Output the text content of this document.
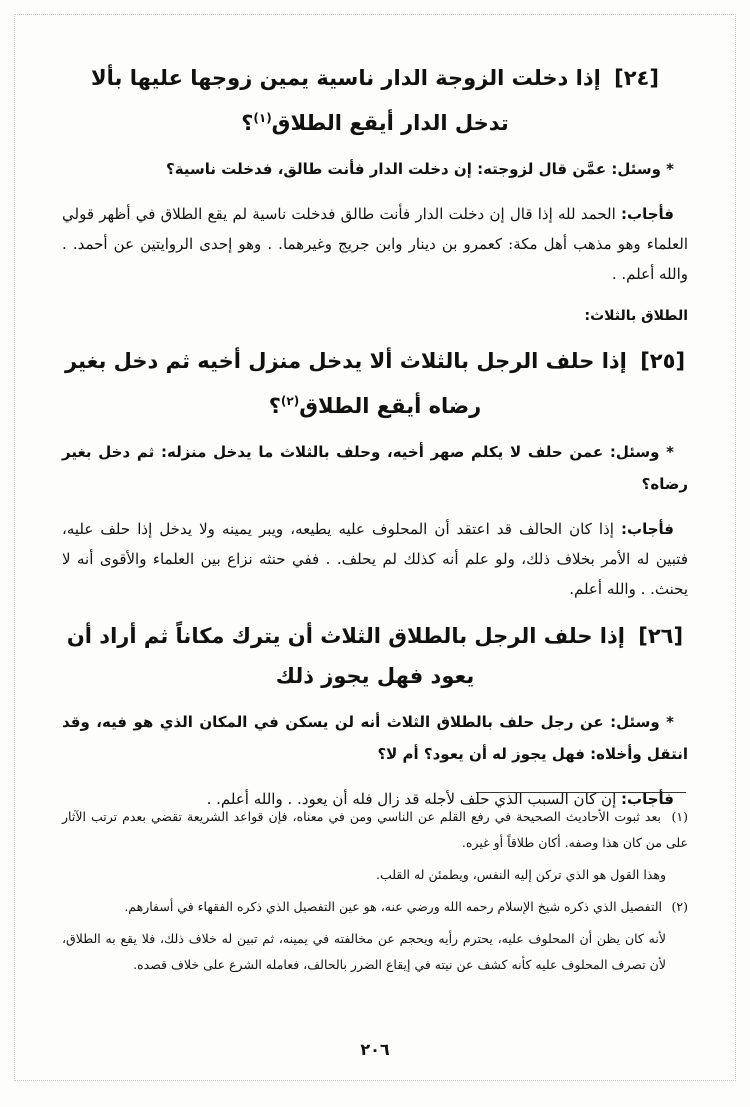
[٢٤] إذا دخلت الزوجة الدار ناسية يمين زوجها عليها بألا تدخل الدار أيقع الطلاق$^{(١)}$؟

* وسئل: عمَّن قال لزوجته: إن دخلت الدار فأنت طالق، فدخلت ناسية؟

فأجاب: الحمد لله إذا قال إن دخلت الدار فأنت طالق فدخلت ناسية لم يقع الطلاق في أظهر قولي العلماء وهو مذهب أهل مكة: كعمرو بن دينار وابن جريج وغيرهما. . وهو إحدى الروايتين عن أحمد. . والله أعلم. .

الطلاق بالثلاث:

[٢٥] إذا حلف الرجل بالثلاث ألا يدخل منزل أخيه ثم دخل بغير رضاه أيقع الطلاق$^{(٢)}$؟

* وسئل: عمن حلف لا يكلم صهر أخيه، وحلف بالثلاث ما يدخل منزله: ثم دخل بغير رضاه؟

فأجاب: إذا كان الحالف قد اعتقد أن المحلوف عليه يطيعه، ويبر يمينه ولا يدخل إذا حلف عليه، فتبين له الأمر بخلاف ذلك، ولو علم أنه كذلك لم يحلف. . ففي حنثه نزاع بين العلماء والأقوى أنه لا يحنث. . والله أعلم.

[٢٦] إذا حلف الرجل بالطلاق الثلاث أن يترك مكاناً ثم أراد أن يعود فهل يجوز ذلك

* وسئل: عن رجل حلف بالطلاق الثلاث أنه لن يسكن في المكان الذي هو فيه، وقد انتقل وأخلاه: فهل يجوز له أن يعود؟ أم لا؟

فأجاب: إن كان السبب الذي حلف لأجله قد زال فله أن يعود. . والله أعلم. .

(١) بعد ثبوت الأحاديث الصحيحة في رفع القلم عن الناسي ومن في معناه، فإن قواعد الشريعة تقضي بعدم ترتب الآثار على من كان هذا وصفه. أكان طلاقاً أو غيره.

وهذا القول هو الذي تركن إليه النفس، ويطمئن له القلب.

(٢) التفصيل الذي ذكره شيخ الإسلام رحمه الله ورضي عنه، هو عين التفصيل الذي ذكره الفقهاء في أسفارهم.

لأنه كان يظن أن المحلوف عليه، يحترم رأيه ويحجم عن مخالفته في يمينه، ثم تبين له خلاف ذلك، فلا يقع به الطلاق، لأن تصرف المحلوف عليه كأنه كشف عن نيته في إيقاع الضرر بالحالف، فعامله الشرع على خلاف قصده.

٢٠٦
